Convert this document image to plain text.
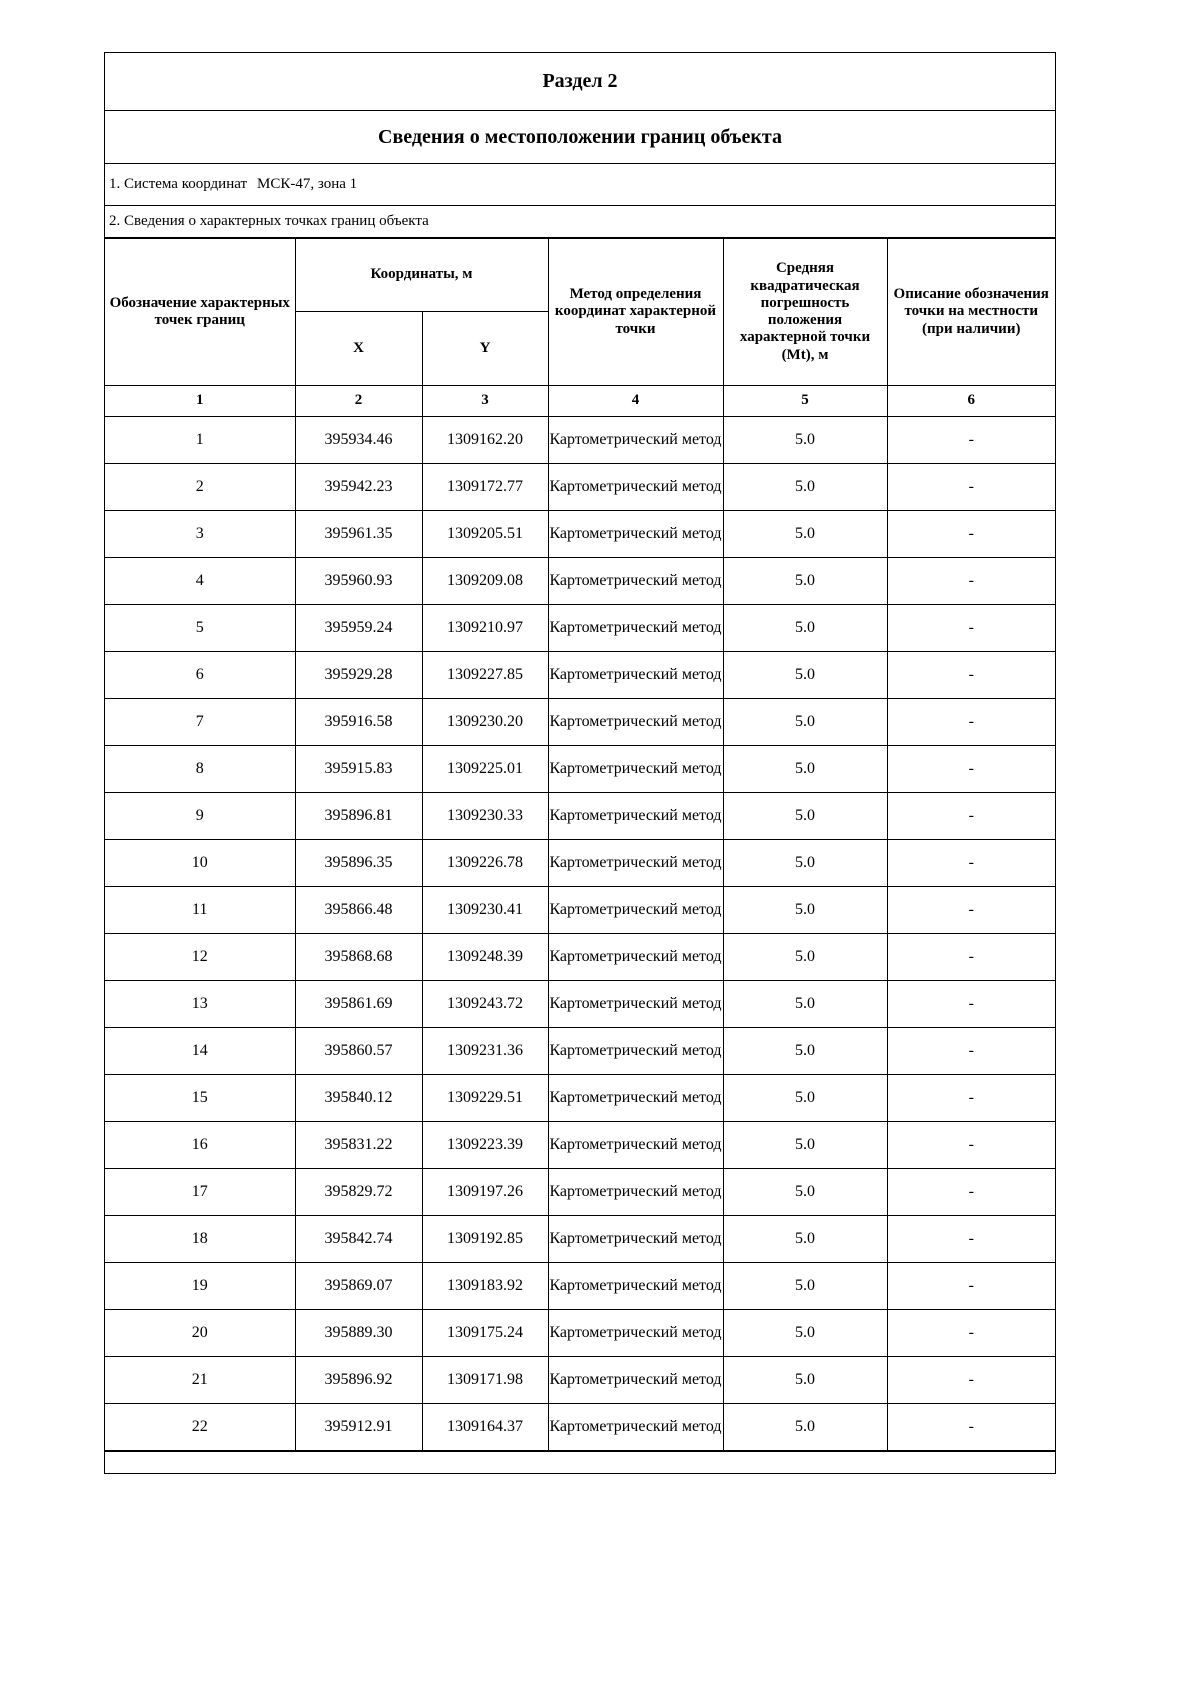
Раздел 2
Сведения о местоположении границ объекта
1. Система координат МСК-47, зона 1
2. Сведения о характерных точках границ объекта
Обозначение характерных точек границ	Координаты, м		Метод определения координат характерной точки	Средняя квадратическая погрешность положения характерной точки (Mt), м	Описание обозначения точки на местности (при наличии)
	X	Y			
1	2	3	4	5	6
1	395934.46	1309162.20	Картометрический метод	5.0	-
2	395942.23	1309172.77	Картометрический метод	5.0	-
3	395961.35	1309205.51	Картометрический метод	5.0	-
4	395960.93	1309209.08	Картометрический метод	5.0	-
5	395959.24	1309210.97	Картометрический метод	5.0	-
6	395929.28	1309227.85	Картометрический метод	5.0	-
7	395916.58	1309230.20	Картометрический метод	5.0	-
8	395915.83	1309225.01	Картометрический метод	5.0	-
9	395896.81	1309230.33	Картометрический метод	5.0	-
10	395896.35	1309226.78	Картометрический метод	5.0	-
11	395866.48	1309230.41	Картометрический метод	5.0	-
12	395868.68	1309248.39	Картометрический метод	5.0	-
13	395861.69	1309243.72	Картометрический метод	5.0	-
14	395860.57	1309231.36	Картометрический метод	5.0	-
15	395840.12	1309229.51	Картометрический метод	5.0	-
16	395831.22	1309223.39	Картометрический метод	5.0	-
17	395829.72	1309197.26	Картометрический метод	5.0	-
18	395842.74	1309192.85	Картометрический метод	5.0	-
19	395869.07	1309183.92	Картометрический метод	5.0	-
20	395889.30	1309175.24	Картометрический метод	5.0	-
21	395896.92	1309171.98	Картометрический метод	5.0	-
22	395912.91	1309164.37	Картометрический метод	5.0	-
